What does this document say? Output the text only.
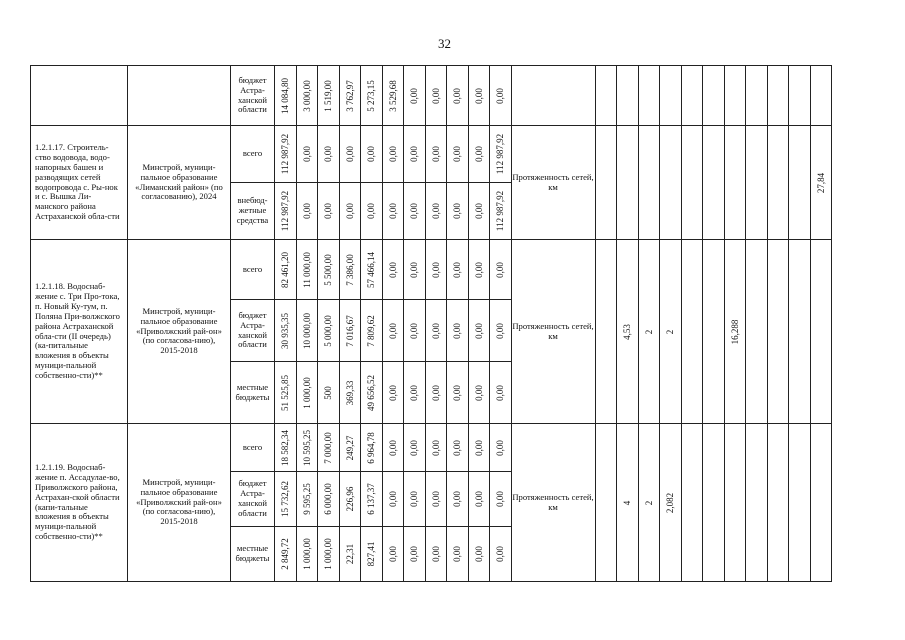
32
		бюджет Астра-ханской области	14 084,80	3 000,00	1 519,00	3 762,97	5 273,15	3 529,68	0,00	0,00	0,00	0,00	0,00												

1.2.1.17. Строитель-ство водовода, водо-напорных башен и разводящих сетей водопровода с. Ры-нок и с. Вышка Ли-манского района Астраханской обла-сти	Минстрой, муници-пальное образование «Лиманский район» (по согласованию), 2024	всего	112 987,92	0,00	0,00	0,00	0,00	0,00	0,00	0,00	0,00	0,00	112 987,92	Протяженность сетей, км											27,84

		внебюд-жетные средства	112 987,92	0,00	0,00	0,00	0,00	0,00	0,00	0,00	0,00	0,00	112 987,92												

1.2.1.18. Водоснаб-жение с. Три Про-тока, п. Новый Ку-тум, п. Поляна При-волжского района Астраханской обла-сти (II очередь) (ка-питальные вложения в объекты муници-пальной собственно-сти)**	Минстрой, муници-пальное образование «Приволжский рай-он» (по согласова-нию), 2015-2018	всего	82 461,20	11 000,00	5 500,00	7 386,00	57 466,14	0,00	0,00	0,00	0,00	0,00	0,00	Протяженность сетей, км		4,53	2	2			16,288				

		бюджет Астра-ханской области	30 935,35	10 000,00	5 000,00	7 016,67	7 809,62	0,00	0,00	0,00	0,00	0,00	0,00												

		местные бюджеты	51 525,85	1 000,00	500	369,33	49 656,52	0,00	0,00	0,00	0,00	0,00	0,00												

1.2.1.19. Водоснаб-жение п. Ассадулае-во, Приволжского района, Астрахан-ской области (капи-тальные вложения в объекты муници-пальной собственно-сти)**	Минстрой, муници-пальное образование «Приволжский рай-он» (по согласова-нию), 2015-2018	всего	18 582,34	10 595,25	7 000,00	249,27	6 964,78	0,00	0,00	0,00	0,00	0,00	0,00	Протяженность сетей, км		4	2	2,082							

		бюджет Астра-ханской области	15 732,62	9 595,25	6 000,00	226,96	6 137,37	0,00	0,00	0,00	0,00	0,00	0,00												

		местные бюджеты	2 849,72	1 000,00	1 000,00	22,31	827,41	0,00	0,00	0,00	0,00	0,00	0,00												
